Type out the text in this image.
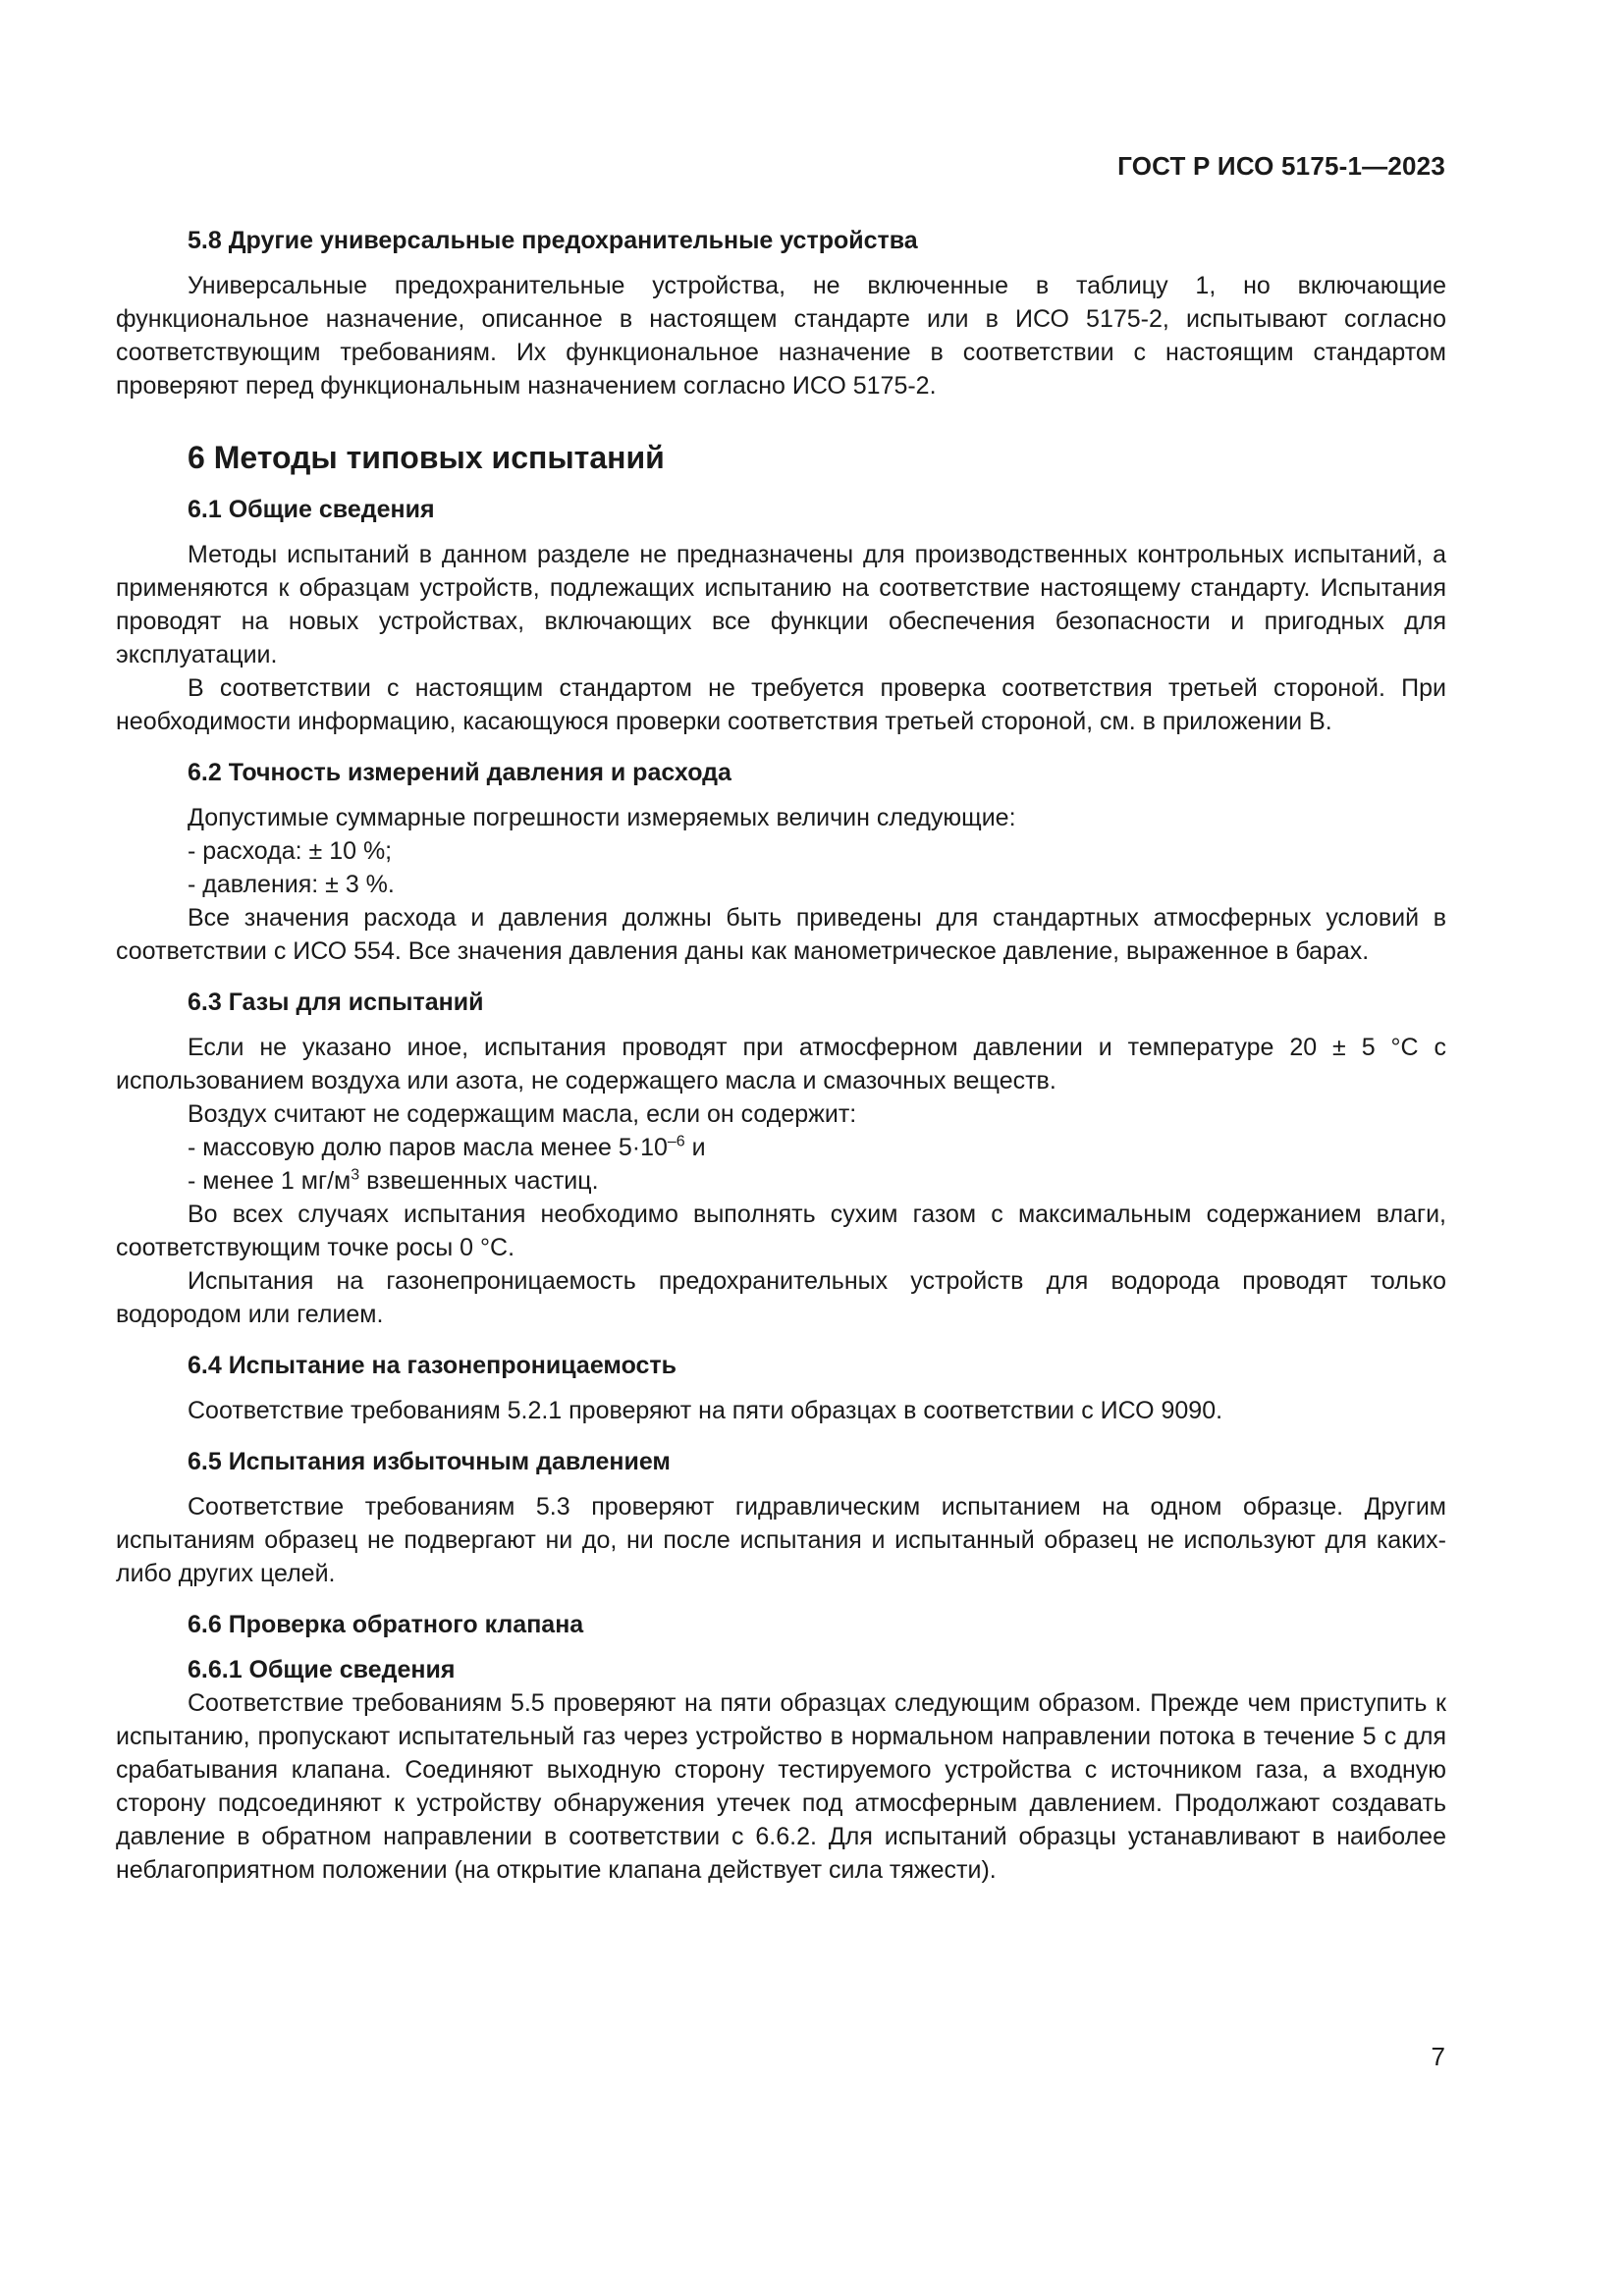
ГОСТ Р ИСО 5175-1—2023
5.8 Другие универсальные предохранительные устройства

Универсальные предохранительные устройства, не включенные в таблицу 1, но включающие функциональное назначение, описанное в настоящем стандарте или в ИСО 5175-2, испытывают согласно соответствующим требованиям. Их функциональное назначение в соответствии с настоящим стандартом проверяют перед функциональным назначением согласно ИСО 5175-2.

6 Методы типовых испытаний
6.1 Общие сведения

Методы испытаний в данном разделе не предназначены для производственных контрольных испытаний, а применяются к образцам устройств, подлежащих испытанию на соответствие настоящему стандарту. Испытания проводят на новых устройствах, включающих все функции обеспечения безопасности и пригодных для эксплуатации.

В соответствии с настоящим стандартом не требуется проверка соответствия третьей стороной. При необходимости информацию, касающуюся проверки соответствия третьей стороной, см. в приложении В.

6.2 Точность измерений давления и расхода

Допустимые суммарные погрешности измеряемых величин следующие:

- расхода: ± 10 %;
- давления: ± 3 %.

Все значения расхода и давления должны быть приведены для стандартных атмосферных условий в соответствии с ИСО 554. Все значения давления даны как манометрическое давление, выраженное в барах.

6.3 Газы для испытаний

Если не указано иное, испытания проводят при атмосферном давлении и температуре 20 ± 5 °С с использованием воздуха или азота, не содержащего масла и смазочных веществ.

Воздух считают не содержащим масла, если он содержит:

- массовую долю паров масла менее $5\cdot 10^{-6}$ и
- менее 1 $мг/м^3$ взвешенных частиц.

Во всех случаях испытания необходимо выполнять сухим газом с максимальным содержанием влаги, соответствующим точке росы 0 °С.

Испытания на газонепроницаемость предохранительных устройств для водорода проводят только водородом или гелием.

6.4 Испытание на газонепроницаемость

Соответствие требованиям 5.2.1 проверяют на пяти образцах в соответствии с ИСО 9090.

6.5 Испытания избыточным давлением

Соответствие требованиям 5.3 проверяют гидравлическим испытанием на одном образце. Другим испытаниям образец не подвергают ни до, ни после испытания и испытанный образец не используют для каких-либо других целей.

6.6 Проверка обратного клапана
6.6.1 Общие сведения

Соответствие требованиям 5.5 проверяют на пяти образцах следующим образом. Прежде чем приступить к испытанию, пропускают испытательный газ через устройство в нормальном направлении потока в течение 5 с для срабатывания клапана. Соединяют выходную сторону тестируемого устройства с источником газа, а входную сторону подсоединяют к устройству обнаружения утечек под атмосферным давлением. Продолжают создавать давление в обратном направлении в соответствии с 6.6.2. Для испытаний образцы устанавливают в наиболее неблагоприятном положении (на открытие клапана действует сила тяжести).

7
